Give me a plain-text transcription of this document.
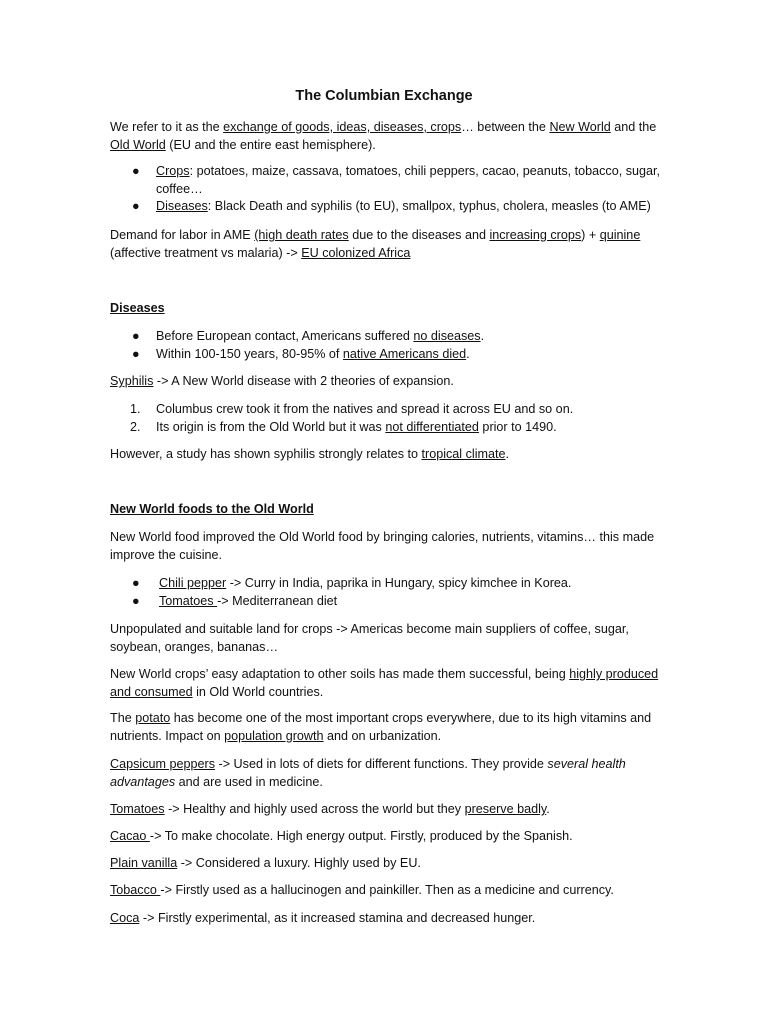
The Columbian Exchange

We refer to it as the exchange of goods, ideas, diseases, crops… between the New World and the Old World (EU and the entire east hemisphere).

● Crops: potatoes, maize, cassava, tomatoes, chili peppers, cacao, peanuts, tobacco, sugar, coffee…
● Diseases: Black Death and syphilis (to EU), smallpox, typhus, cholera, measles (to AME)

Demand for labor in AME (high death rates due to the diseases and increasing crops) + quinine (affective treatment vs malaria) -> EU colonized Africa

Diseases
● Before European contact, Americans suffered no diseases.
● Within 100-150 years, 80-95% of native Americans died.

Syphilis -> A New World disease with 2 theories of expansion.

1. Columbus crew took it from the natives and spread it across EU and so on.
2. Its origin is from the Old World but it was not differentiated prior to 1490.

However, a study has shown syphilis strongly relates to tropical climate.

New World foods to the Old World

New World food improved the Old World food by bringing calories, nutrients, vitamins… this made improve the cuisine.

● Chili pepper -> Curry in India, paprika in Hungary, spicy kimchee in Korea.
● Tomatoes -> Mediterranean diet

Unpopulated and suitable land for crops -> Americas become main suppliers of coffee, sugar, soybean, oranges, bananas…

New World crops’ easy adaptation to other soils has made them successful, being highly produced and consumed in Old World countries.

The potato has become one of the most important crops everywhere, due to its high vitamins and nutrients. Impact on population growth and on urbanization.

Capsicum peppers -> Used in lots of diets for different functions. They provide several health advantages and are used in medicine.

Tomatoes -> Healthy and highly used across the world but they preserve badly.

Cacao -> To make chocolate. High energy output. Firstly, produced by the Spanish.

Plain vanilla -> Considered a luxury. Highly used by EU.

Tobacco -> Firstly used as a hallucinogen and painkiller. Then as a medicine and currency.

Coca -> Firstly experimental, as it increased stamina and decreased hunger.
